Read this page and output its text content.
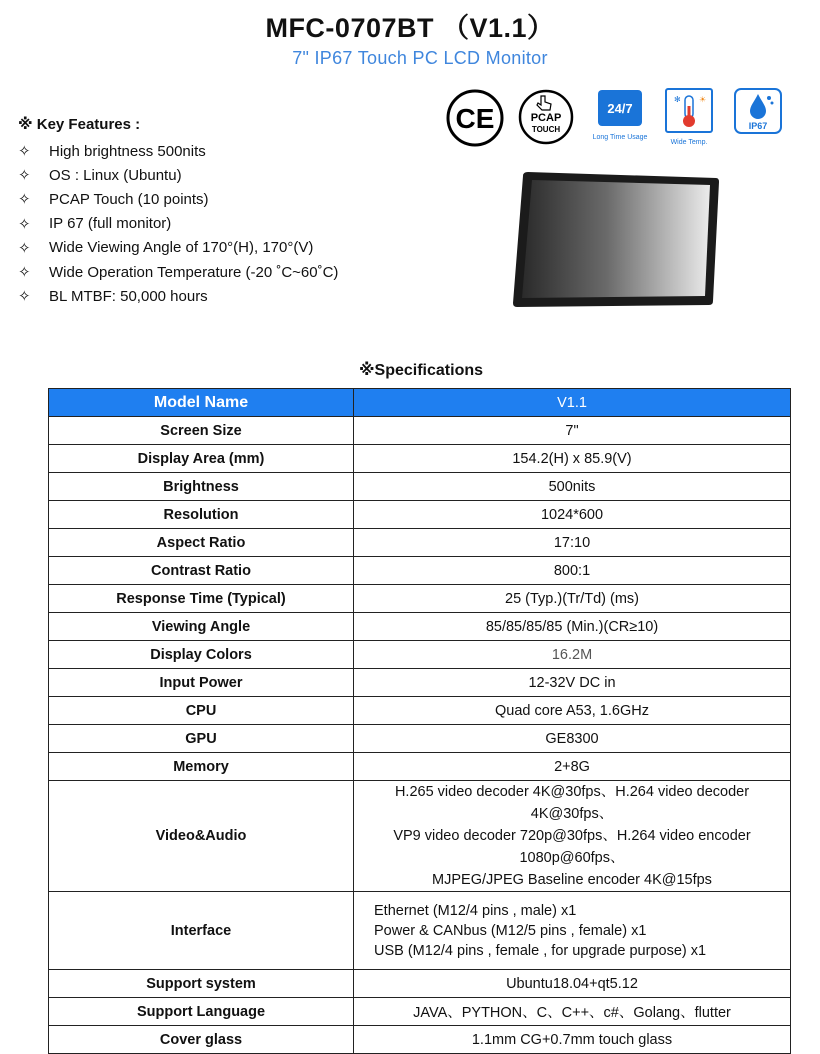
MFC-0707BT （V1.1）
7" IP67 Touch PC LCD Monitor
※ Key Features :
✧	High brightness 500nits
✧	OS : Linux (Ubuntu)
✧	PCAP Touch (10 points)
✧	IP 67 (full monitor)
✧	Wide Viewing Angle of 170°(H), 170°(V)
✧	Wide Operation Temperature (-20 ˚C~60˚C)
✧	BL MTBF: 50,000 hours
CE	PCAP
TOUCH
24/7
Long Time Usage
✻ ☀
Wide Temp.
IP67
※Specifications
Model Name	V1.1
Screen Size	7"
Display Area (mm)	154.2(H) x 85.9(V)
Brightness	500nits
Resolution	1024*600
Aspect Ratio	17:10
Contrast Ratio	800:1
Response Time (Typical)	25 (Typ.)(Tr/Td) (ms)
Viewing Angle	85/85/85/85 (Min.)(CR≥10)
Display Colors	16.2M
Input Power	12-32V DC in
CPU	Quad core A53, 1.6GHz
GPU	GE8300
Memory	2+8G
Video&Audio	H.265 video decoder 4K@30fps、H.264 video decoder
4K@30fps、
VP9 video decoder 720p@30fps、H.264 video encoder
1080p@60fps、
MJPEG/JPEG Baseline encoder 4K@15fps

Interface	Ethernet (M12/4 pins , male) x1
Power & CANbus (M12/5 pins , female) x1
USB (M12/4 pins , female , for upgrade purpose) x1

Support system	Ubuntu18.04+qt5.12
Support Language	JAVA、PYTHON、C、C++、c#、Golang、flutter
Cover glass	1.1mm CG+0.7mm touch glass
